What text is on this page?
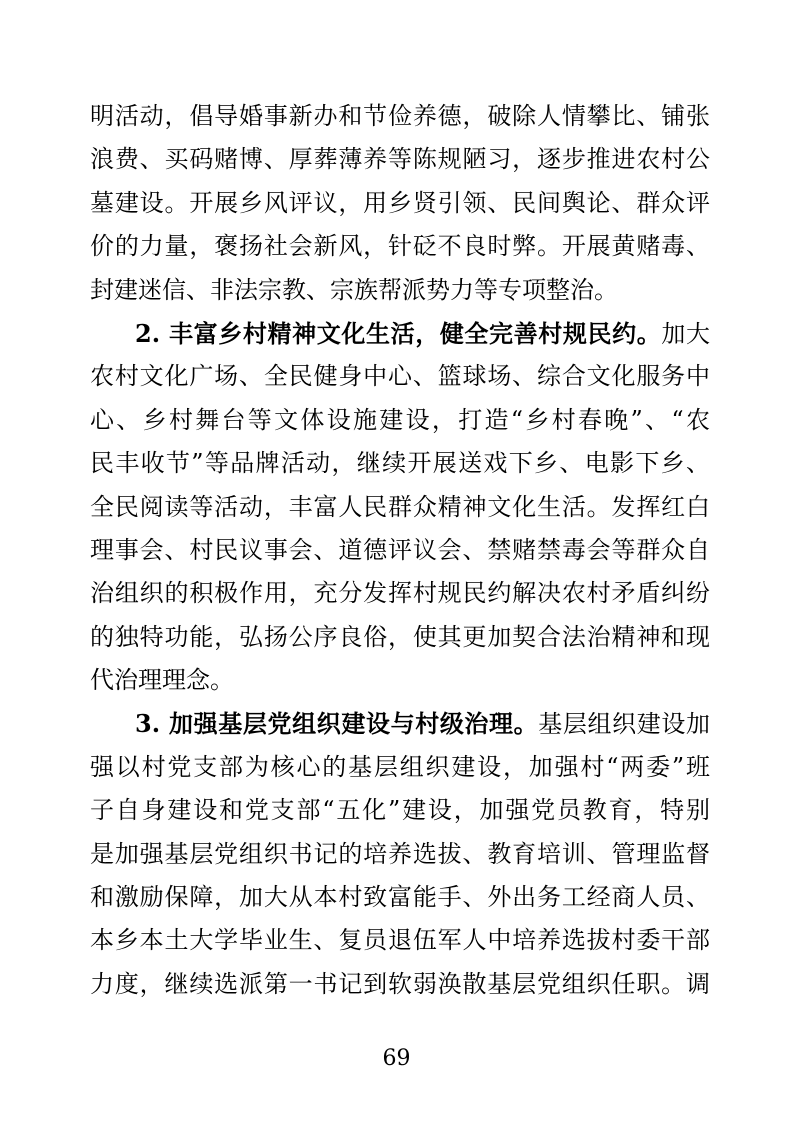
明活动，倡导婚事新办和节俭养德，破除人情攀比、铺张
浪费、买码赌博、厚葬薄养等陈规陋习，逐步推进农村公
墓建设。开展乡风评议，用乡贤引领、民间舆论、群众评
价的力量，褒扬社会新风，针砭不良时弊。开展黄赌毒、
封建迷信、非法宗教、宗族帮派势力等专项整治。
2. 丰富乡村精神文化生活，健全完善村规民约。加大
农村文化广场、全民健身中心、篮球场、综合文化服务中
心、乡村舞台等文体设施建设，打造“乡村春晚”、“农
民丰收节”等品牌活动，继续开展送戏下乡、电影下乡、
全民阅读等活动，丰富人民群众精神文化生活。发挥红白
理事会、村民议事会、道德评议会、禁赌禁毒会等群众自
治组织的积极作用，充分发挥村规民约解决农村矛盾纠纷
的独特功能，弘扬公序良俗，使其更加契合法治精神和现
代治理理念。
3. 加强基层党组织建设与村级治理。基层组织建设加
强以村党支部为核心的基层组织建设，加强村“两委”班
子自身建设和党支部“五化”建设，加强党员教育，特别
是加强基层党组织书记的培养选拔、教育培训、管理监督
和激励保障，加大从本村致富能手、外出务工经商人员、
本乡本土大学毕业生、复员退伍军人中培养选拔村委干部
力度，继续选派第一书记到软弱涣散基层党组织任职。调
69
